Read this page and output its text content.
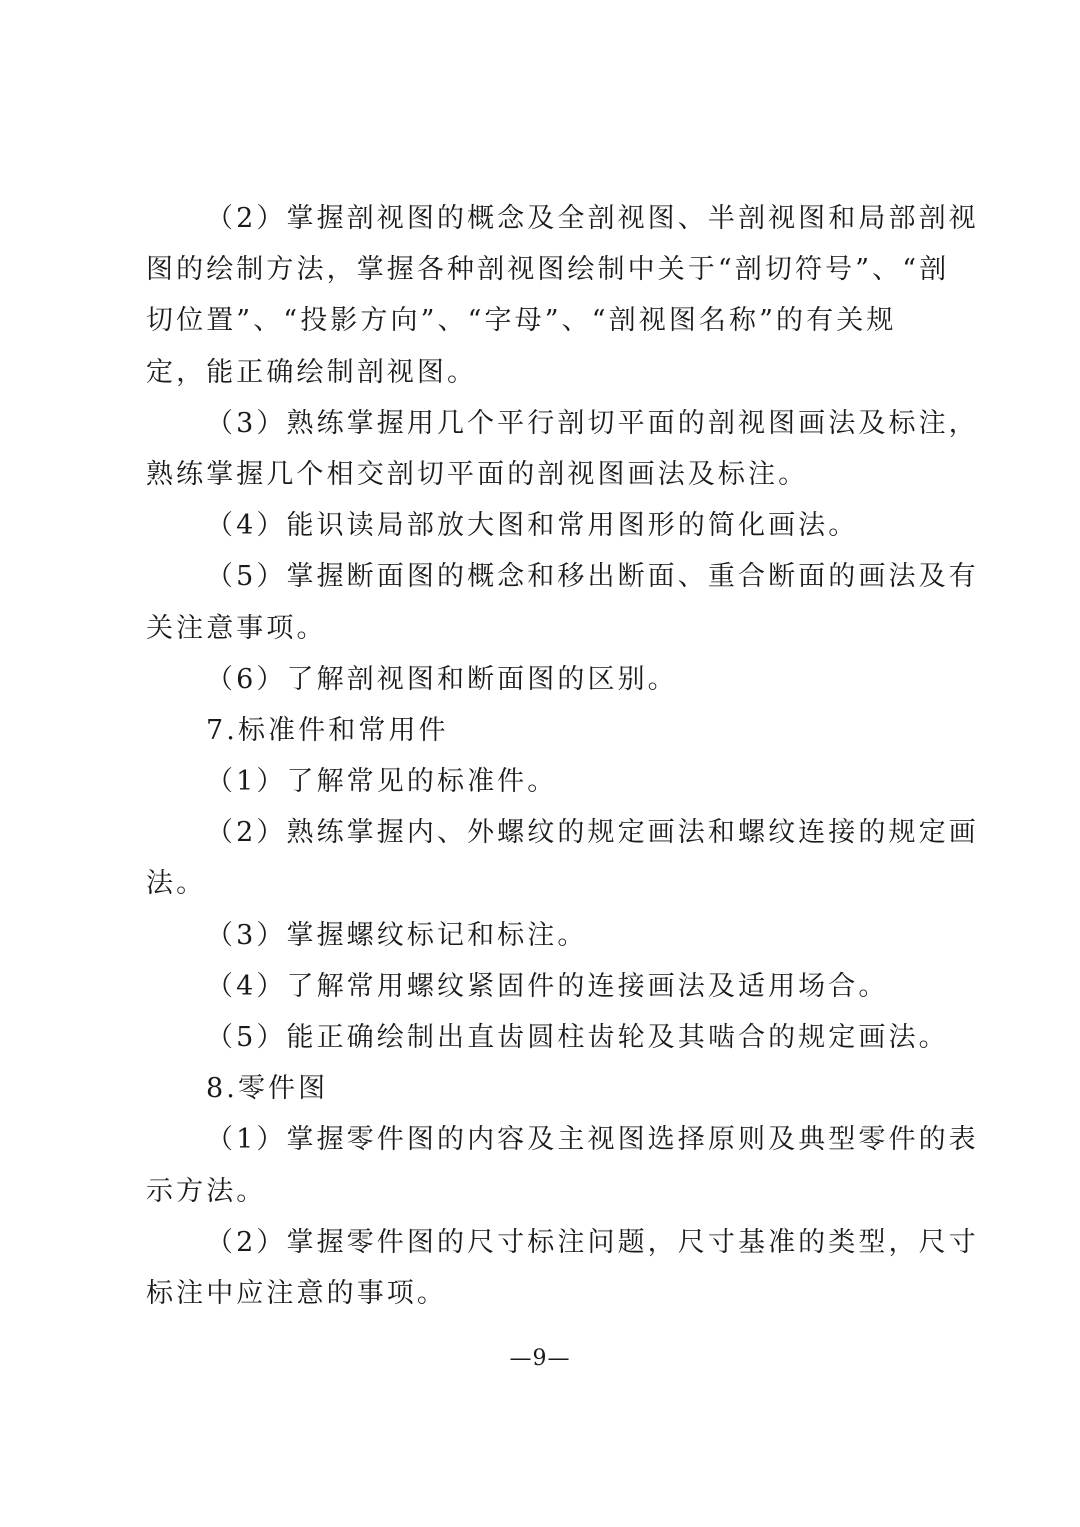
（2）掌握剖视图的概念及全剖视图、半剖视图和局部剖视
图的绘制方法，掌握各种剖视图绘制中关于“剖切符号”、“剖
切位置”、“投影方向”、“字母”、“剖视图名称”的有关规
定，能正确绘制剖视图。
（3）熟练掌握用几个平行剖切平面的剖视图画法及标注，
熟练掌握几个相交剖切平面的剖视图画法及标注。
（4）能识读局部放大图和常用图形的简化画法。
（5）掌握断面图的概念和移出断面、重合断面的画法及有
关注意事项。
（6）了解剖视图和断面图的区别。
7.标准件和常用件
（1）了解常见的标准件。
（2）熟练掌握内、外螺纹的规定画法和螺纹连接的规定画
法。
（3）掌握螺纹标记和标注。
（4）了解常用螺纹紧固件的连接画法及适用场合。
（5）能正确绘制出直齿圆柱齿轮及其啮合的规定画法。
8.零件图
（1）掌握零件图的内容及主视图选择原则及典型零件的表
示方法。
（2）掌握零件图的尺寸标注问题，尺寸基准的类型，尺寸
标注中应注意的事项。
—9—
